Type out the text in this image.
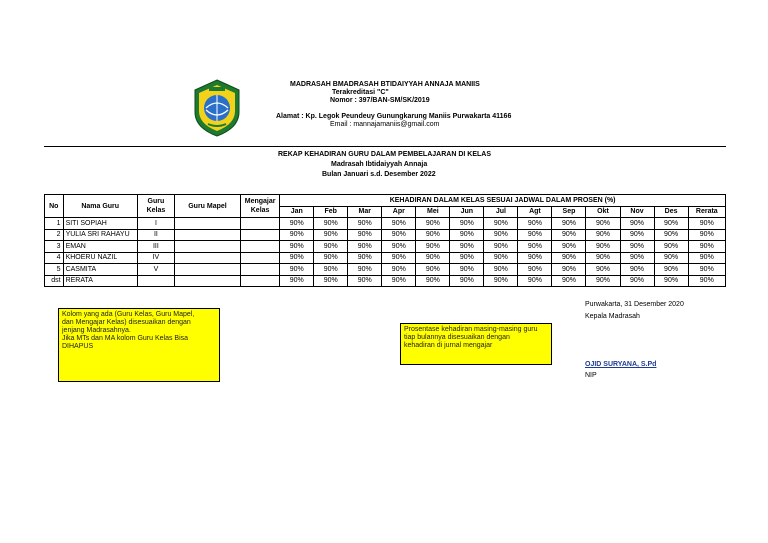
MADRASAH BMADRASAH BTIDAIYYAH ANNAJA MANIIS
Terakreditasi "C"
Nomor : 397/BAN-SM/SK/2019
Alamat : Kp. Legok Peundeuy Gunungkarung Maniis Purwakarta 41166
Email : mannajamaniis@gmail.com
REKAP KEHADIRAN GURU DALAM PEMBELAJARAN DI KELAS
Madrasah Ibtidaiyyah Annaja
Bulan Januari s.d. Desember 2022
No	Nama Guru	Guru Kelas	Guru Mapel	Mengajar Kelas	KEHADIRAN DALAM KELAS SESUAI JADWAL DALAM PROSEN (%)												
					Jan	Feb	Mar	Apr	Mei	Jun	Jul	Agt	Sep	Okt	Nov	Des	Rerata
1	SITI SOPIAH	I			90%	90%	90%	90%	90%	90%	90%	90%	90%	90%	90%	90%	90%
2	YULIA SRI RAHAYU	II			90%	90%	90%	90%	90%	90%	90%	90%	90%	90%	90%	90%	90%
3	EMAN	III			90%	90%	90%	90%	90%	90%	90%	90%	90%	90%	90%	90%	90%
4	KHOERU NAZIL	IV			90%	90%	90%	90%	90%	90%	90%	90%	90%	90%	90%	90%	90%
5	CASMITA	V			90%	90%	90%	90%	90%	90%	90%	90%	90%	90%	90%	90%	90%
dst	RERATA				90%	90%	90%	90%	90%	90%	90%	90%	90%	90%	90%	90%	90%
Kolom yang ada (Guru Kelas, Guru Mapel,
dan Mengajar Kelas) disesuaikan dengan
jenjang Madrasahnya.
Jika MTs dan MA kolom Guru Kelas Bisa
DIHAPUS
Prosentase kehadiran masing-masing guru
tiap bulannya disesuaikan dengan
kehadiran di jurnal mengajar
Purwakarta, 31 Desember 2020
Kepala Madrasah
OJID SURYANA, S.Pd
NIP
